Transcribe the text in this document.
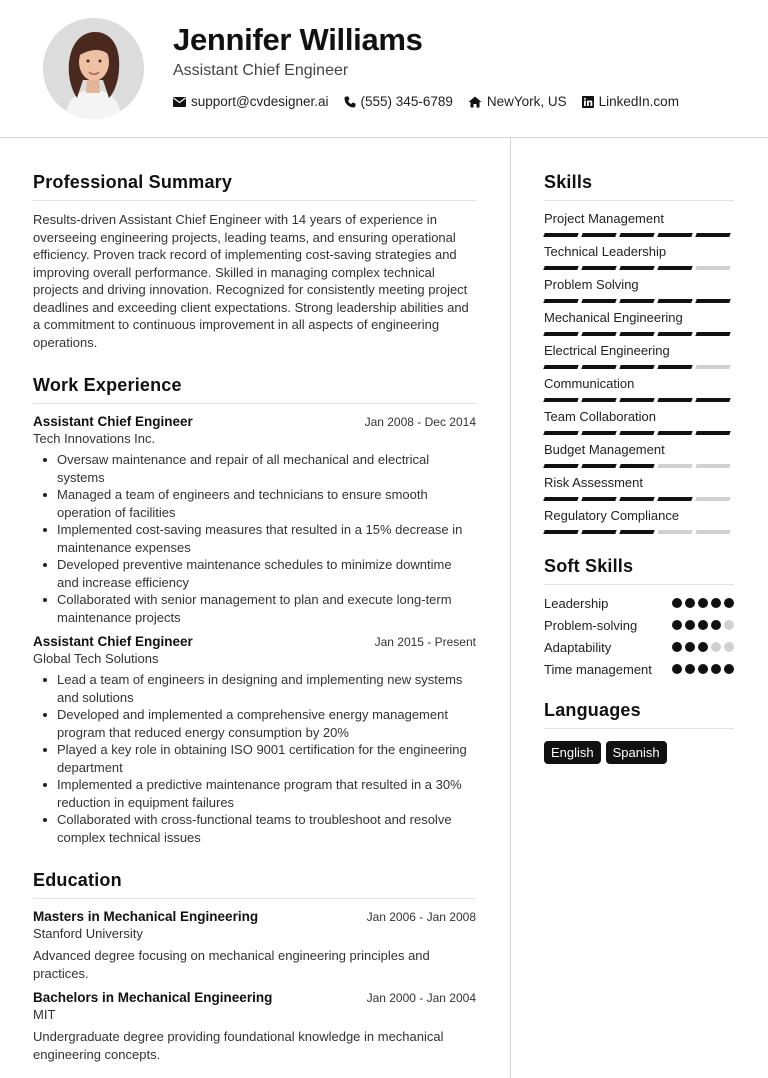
Jennifer Williams
Assistant Chief Engineer
support@cvdesigner.ai (555) 345-6789	NewYork, US LinkedIn.com
Professional Summary

Results-driven Assistant Chief Engineer with 14 years of experience in overseeing engineering projects, leading teams, and ensuring operational efficiency. Proven track record of implementing cost-saving strategies and improving overall performance. Skilled in managing complex technical projects and driving innovation. Recognized for consistently meeting project deadlines and exceeding client expectations. Strong leadership abilities and a commitment to continuous improvement in all aspects of engineering operations.

Work Experience
Assistant Chief Engineer	Jan 2008 - Dec 2014
Tech Innovations Inc.
Oversaw maintenance and repair of all mechanical and electrical systems
Managed a team of engineers and technicians to ensure smooth operation of facilities
Implemented cost-saving measures that resulted in a 15% decrease in maintenance expenses
Developed preventive maintenance schedules to minimize downtime and increase efficiency
Collaborated with senior management to plan and execute long-term maintenance projects
Assistant Chief Engineer	Jan 2015 - Present
Global Tech Solutions
Lead a team of engineers in designing and implementing new systems and solutions
Developed and implemented a comprehensive energy management program that reduced energy consumption by 20%
Played a key role in obtaining ISO 9001 certification for the engineering department
Implemented a predictive maintenance program that resulted in a 30% reduction in equipment failures
Collaborated with cross-functional teams to troubleshoot and resolve complex technical issues
Education
Masters in Mechanical Engineering	Jan 2006 - Jan 2008
Stanford University

Advanced degree focusing on mechanical engineering principles and practices.

Bachelors in Mechanical Engineering	Jan 2000 - Jan 2004
MIT

Undergraduate degree providing foundational knowledge in mechanical engineering concepts.

Skills
Project Management
Technical Leadership
Problem Solving
Mechanical Engineering
Electrical Engineering
Communication
Team Collaboration
Budget Management
Risk Assessment
Regulatory Compliance
Soft Skills
Leadership
Problem-solving
Adaptability
Time management
Languages
English	Spanish
